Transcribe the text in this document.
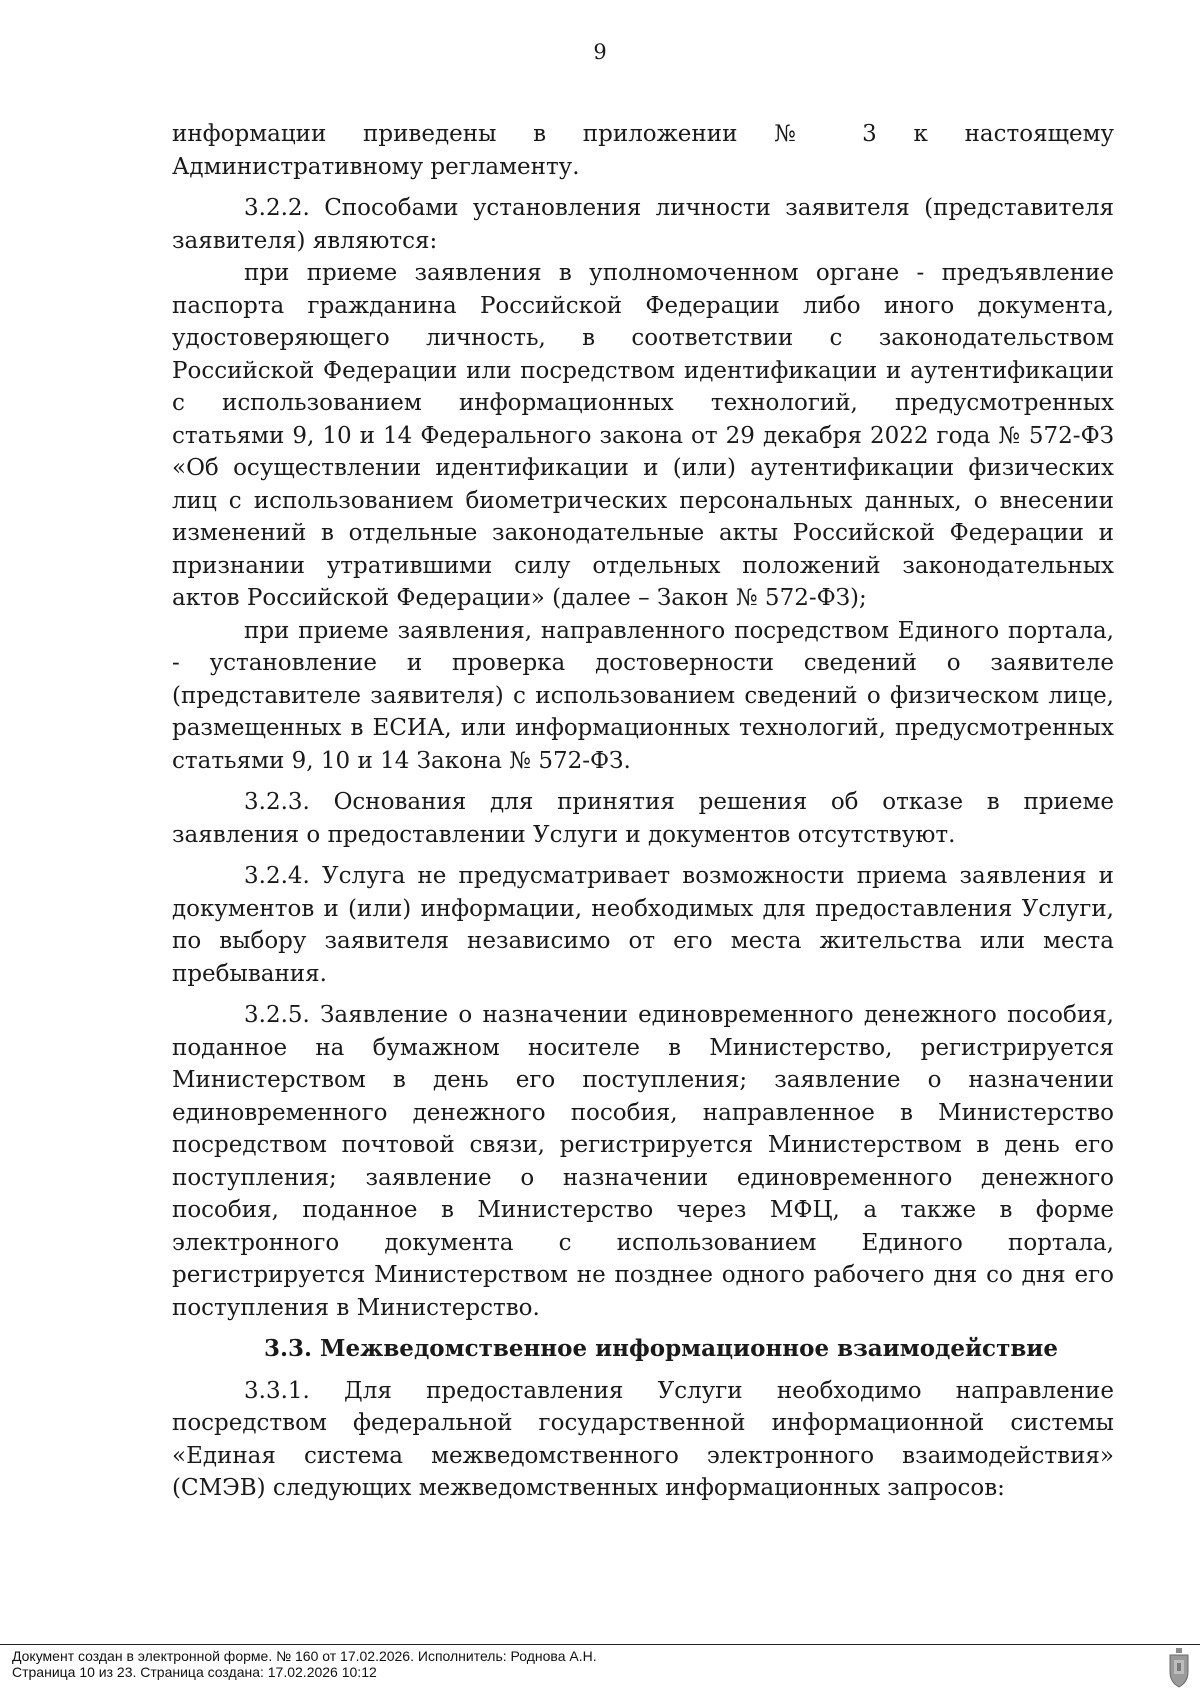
9

информации приведены в приложении № 3 к настоящему Административному регламенту.

3.2.2. Способами установления личности заявителя (представителя заявителя) являются:

при приеме заявления в уполномоченном органе - предъявление паспорта гражданина Российской Федерации либо иного документа, удостоверяющего личность, в соответствии с законодательством Российской Федерации или посредством идентификации и аутентификации с использованием информационных технологий, предусмотренных статьями 9, 10 и 14 Федерального закона от 29 декабря 2022 года № 572-ФЗ «Об осуществлении идентификации и (или) аутентификации физических лиц с использованием биометрических персональных данных, о внесении изменений в отдельные законодательные акты Российской Федерации и признании утратившими силу отдельных положений законодательных актов Российской Федерации» (далее – Закон № 572-ФЗ);

при приеме заявления, направленного посредством Единого портала, - установление и проверка достоверности сведений о заявителе (представителе заявителя) с использованием сведений о физическом лице, размещенных в ЕСИА, или информационных технологий, предусмотренных статьями 9, 10 и 14 Закона № 572-ФЗ.

3.2.3. Основания для принятия решения об отказе в приеме заявления о предоставлении Услуги и документов отсутствуют.

3.2.4. Услуга не предусматривает возможности приема заявления и документов и (или) информации, необходимых для предоставления Услуги, по выбору заявителя независимо от его места жительства или места пребывания.

3.2.5. Заявление о назначении единовременного денежного пособия, поданное на бумажном носителе в Министерство, регистрируется Министерством в день его поступления; заявление о назначении единовременного денежного пособия, направленное в Министерство посредством почтовой связи, регистрируется Министерством в день его поступления; заявление о назначении единовременного денежного пособия, поданное в Министерство через МФЦ, а также в форме электронного документа с использованием Единого портала, регистрируется Министерством не позднее одного рабочего дня со дня его поступления в Министерство.

3.3. Межведомственное информационное взаимодействие

3.3.1. Для предоставления Услуги необходимо направление посредством федеральной государственной информационной системы «Единая система межведомственного электронного взаимодействия» (СМЭВ) следующих межведомственных информационных запросов:

Документ создан в электронной форме. № 160 от 17.02.2026. Исполнитель: Роднова А.Н.
Страница 10 из 23. Страница создана: 17.02.2026 10:12
